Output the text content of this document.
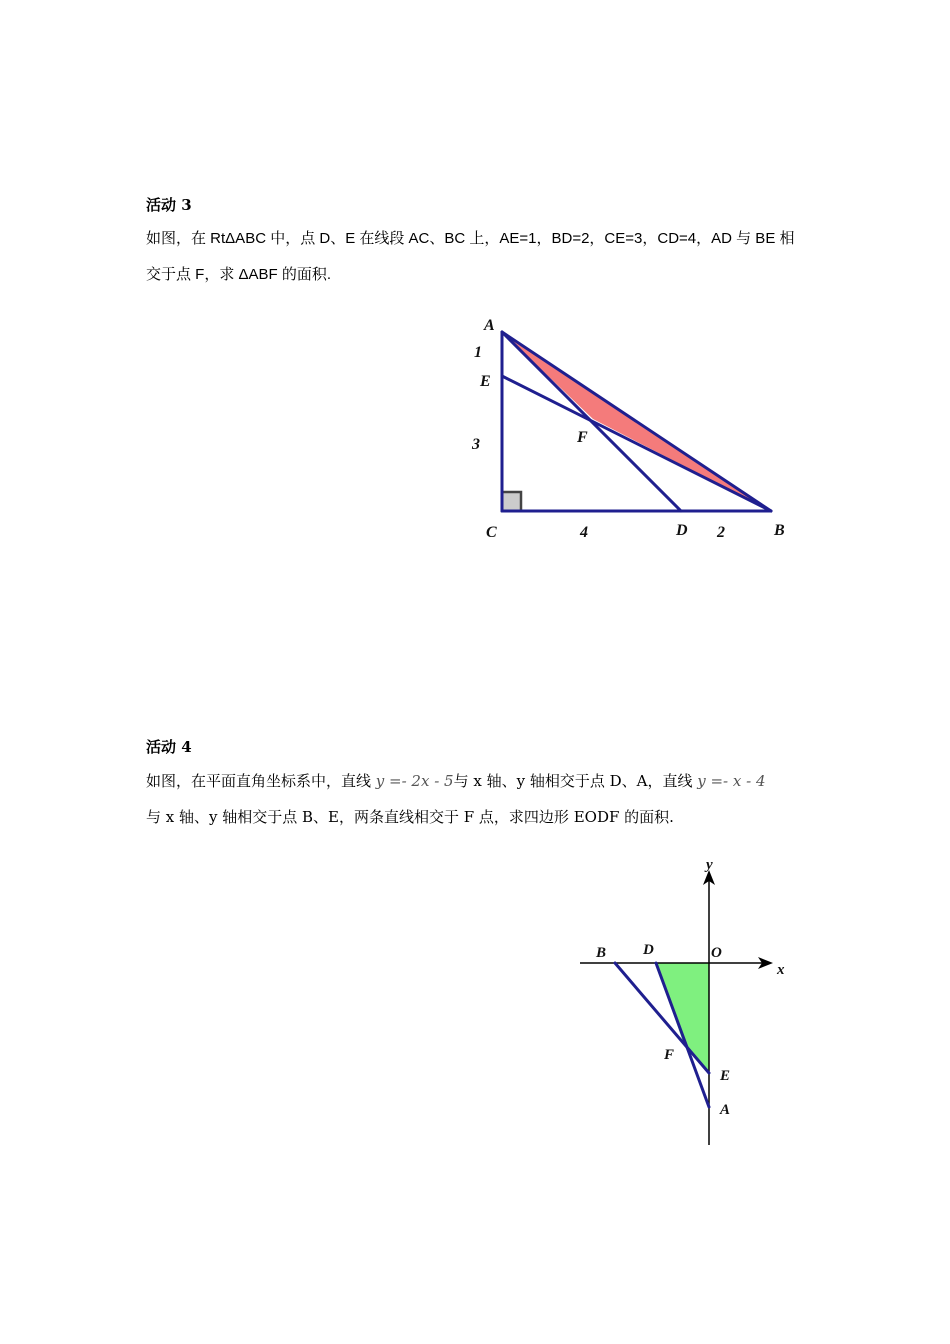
活动 3

如图，在 RtΔABC 中，点 D、E 在线段 AC、BC 上，AE=1，BD=2，CE=3，CD=4，AD 与 BE 相

交于点 F，求 ΔABF 的面积.

A
1
E
3	F
C	4	D 2	B
活动 4

如图，在平面直角坐标系中，直线 y =- 2x - 5与 x 轴、y 轴相交于点 D、A，直线 y =- x - 4

与 x 轴、y 轴相交于点 B、E，两条直线相交于 F 点，求四边形 EODF 的面积.

y
x
B D	O
F
E
A
